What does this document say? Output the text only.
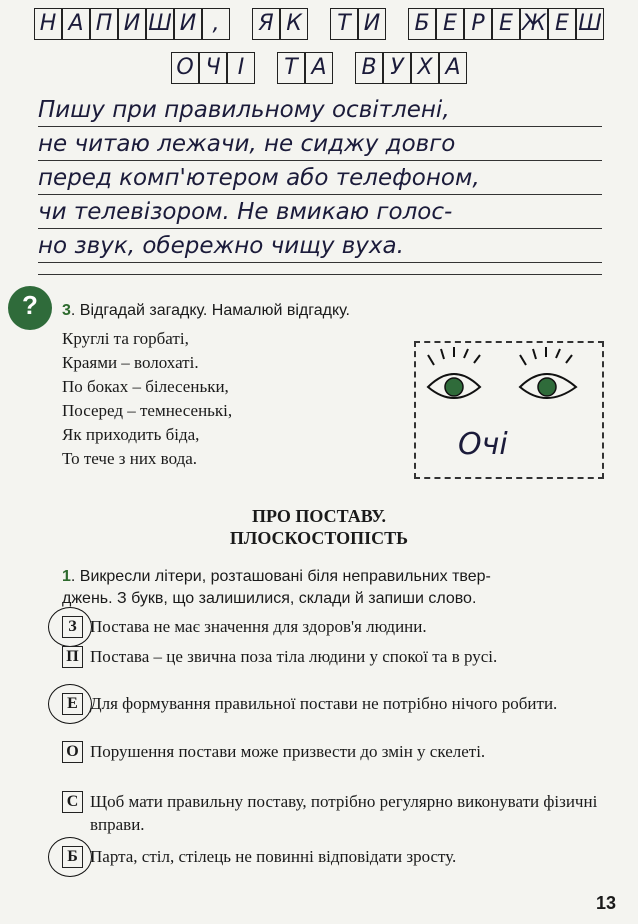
Н А П И Ш И ,	Я К	Т И Б Е Р Е Ж Е Ш
О Ч І	Т А В У Х А
Пишу при правильному освітлені,
не читаю лежачи, не сиджу довго
перед комп'ютером або телефоном,
чи телевізором. Не вмикаю голос-
но звук, обережно чищу вуха.
?
3. Відгадай загадку. Намалюй відгадку.
Круглі та горбаті,
Краями – волохаті.
По боках – білесеньки,
Посеред – темнесенькі,
Як приходить біда,
То тече з них вода.	Очі
ПРО ПОСТАВУ.
ПЛОСКОСТОПІСТЬ
1. Викресли літери, розташовані біля неправильних твер-
джень. З букв, що залишилися, склади й запиши слово.
З Постава не має значення для здоров'я людини.
П Постава – це звична поза тіла людини у спокої та в русі.
Е Для формування правильної постави не потрібно нічого робити.
О Порушення постави може призвести до змін у скелеті.
С Щоб мати правильну поставу, потрібно регулярно виконувати фізичні вправи.
Б Парта, стіл, стілець не повинні відповідати зросту.
13
